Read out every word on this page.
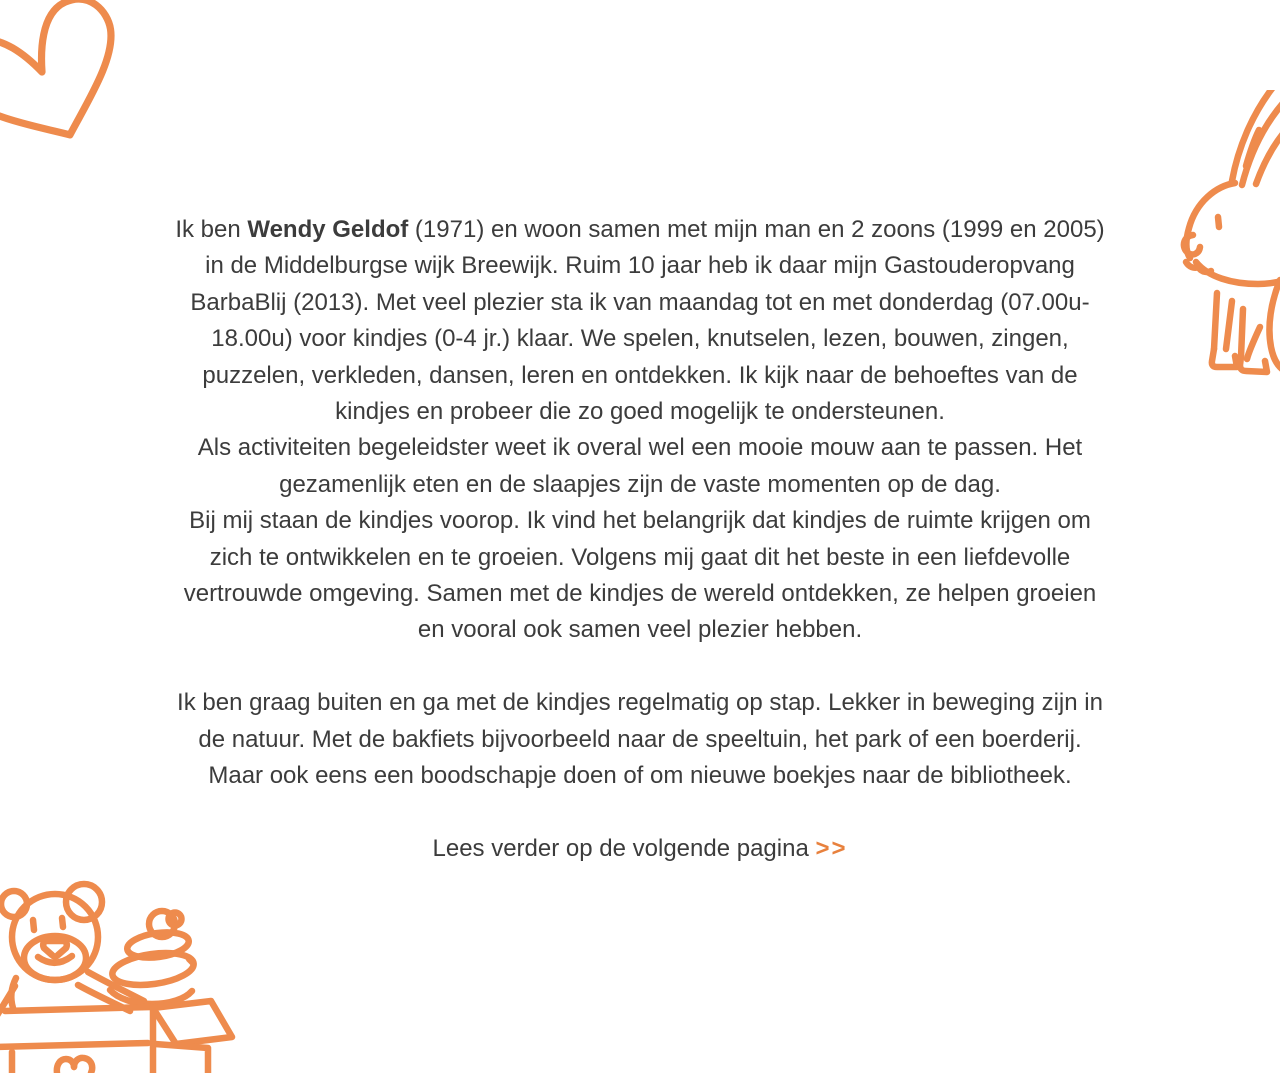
Ik ben Wendy Geldof (1971) en woon samen met mijn man en 2 zoons (1999 en 2005)
in de Middelburgse wijk Breewijk. Ruim 10 jaar heb ik daar mijn Gastouderopvang
BarbaBlij (2013). Met veel plezier sta ik van maandag tot en met donderdag (07.00u-
18.00u) voor kindjes (0-4 jr.) klaar. We spelen, knutselen, lezen, bouwen, zingen,
puzzelen, verkleden, dansen, leren en ontdekken. Ik kijk naar de behoeftes van de
kindjes en probeer die zo goed mogelijk te ondersteunen.
Als activiteiten begeleidster weet ik overal wel een mooie mouw aan te passen. Het
gezamenlijk eten en de slaapjes zijn de vaste momenten op de dag.
Bij mij staan de kindjes voorop. Ik vind het belangrijk dat kindjes de ruimte krijgen om
zich te ontwikkelen en te groeien. Volgens mij gaat dit het beste in een liefdevolle
vertrouwde omgeving. Samen met de kindjes de wereld ontdekken, ze helpen groeien
en vooral ook samen veel plezier hebben.
Ik ben graag buiten en ga met de kindjes regelmatig op stap. Lekker in beweging zijn in
de natuur. Met de bakfiets bijvoorbeeld naar de speeltuin, het park of een boerderij.
Maar ook eens een boodschapje doen of om nieuwe boekjes naar de bibliotheek.
Lees verder op de volgende pagina >>
